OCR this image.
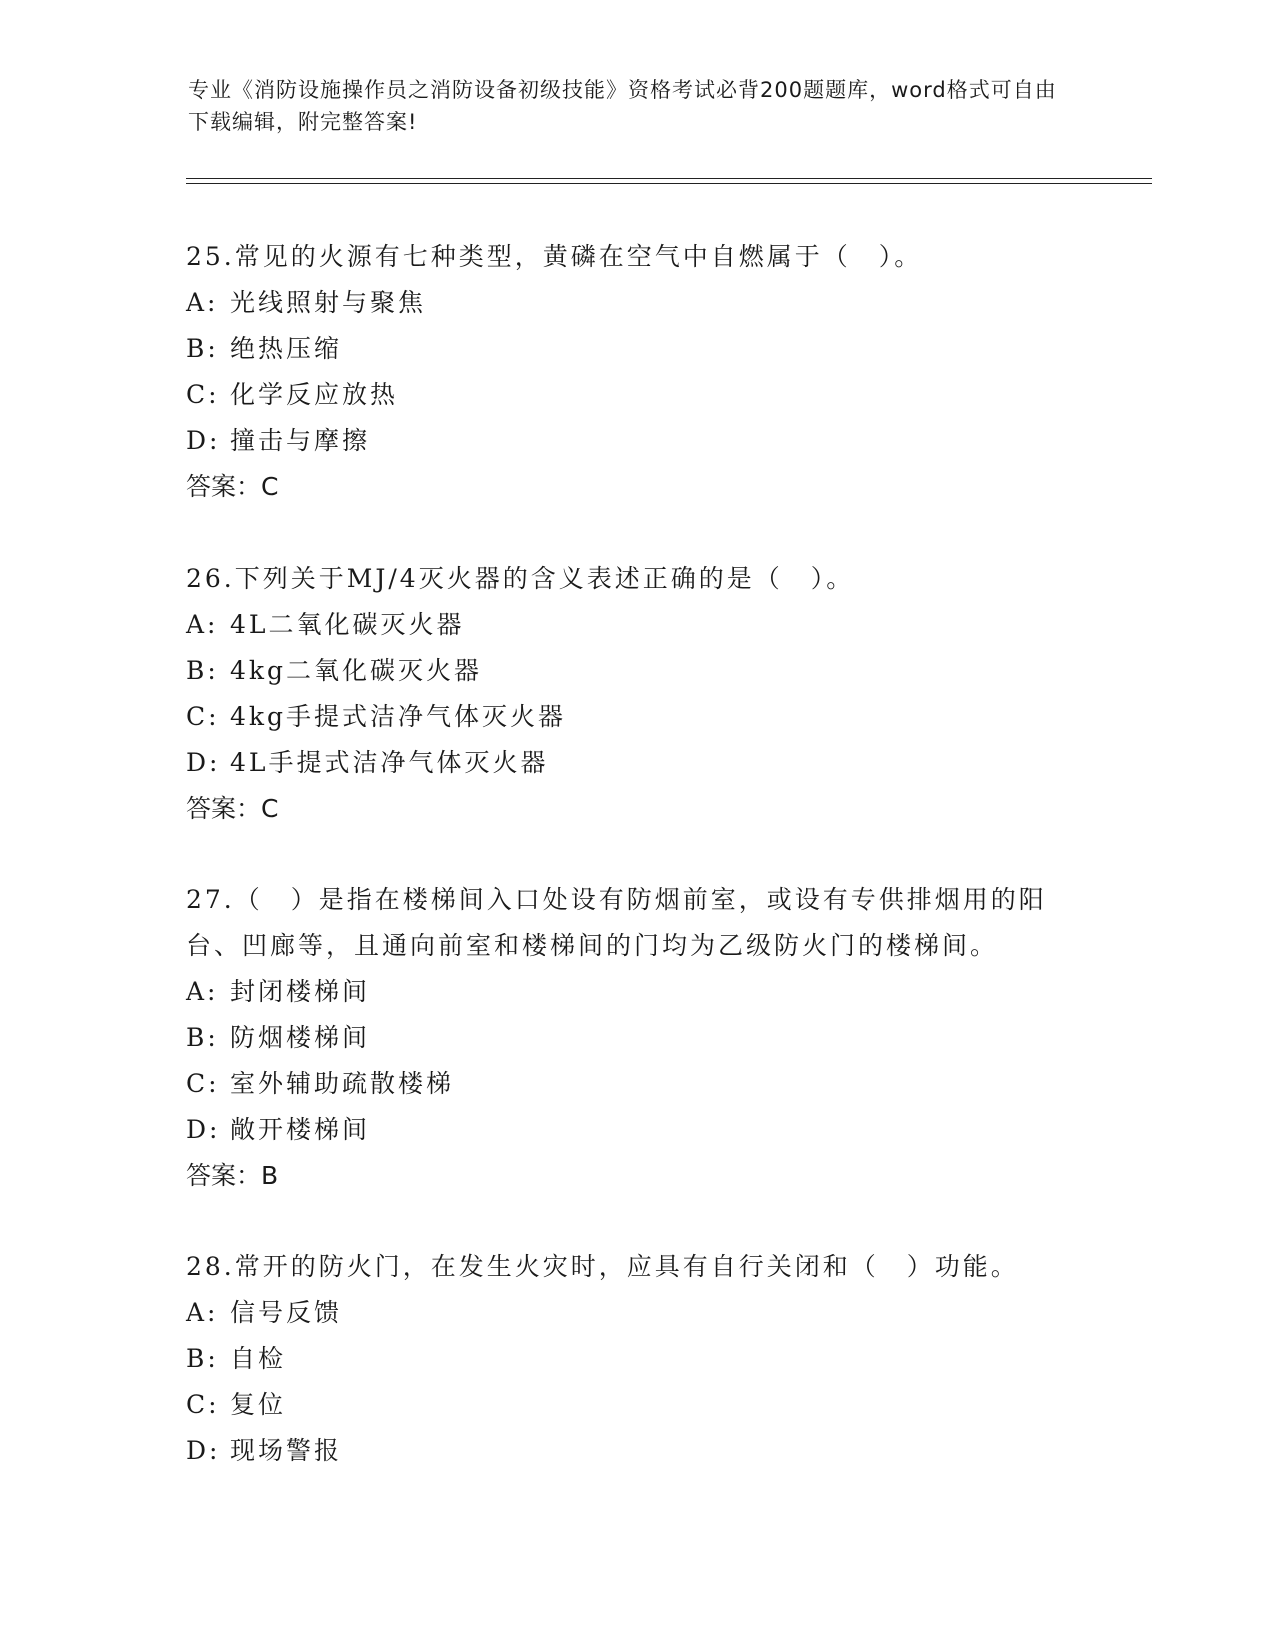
专业《消防设施操作员之消防设备初级技能》资格考试必背200题题库，word格式可自由下载编辑，附完整答案!

25.常见的火源有七种类型，黄磷在空气中自燃属于（　）。

A: 光线照射与聚焦

B: 绝热压缩

C: 化学反应放热

D: 撞击与摩擦

答案：C

26.下列关于MJ/4灭火器的含义表述正确的是（　）。

A: 4L二氧化碳灭火器

B: 4kg二氧化碳灭火器

C: 4kg手提式洁净气体灭火器

D: 4L手提式洁净气体灭火器

答案：C

27.（　）是指在楼梯间入口处设有防烟前室，或设有专供排烟用的阳台、凹廊等，且通向前室和楼梯间的门均为乙级防火门的楼梯间。

A: 封闭楼梯间

B: 防烟楼梯间

C: 室外辅助疏散楼梯

D: 敞开楼梯间

答案：B

28.常开的防火门，在发生火灾时，应具有自行关闭和（　）功能。

A: 信号反馈

B: 自检

C: 复位

D: 现场警报
